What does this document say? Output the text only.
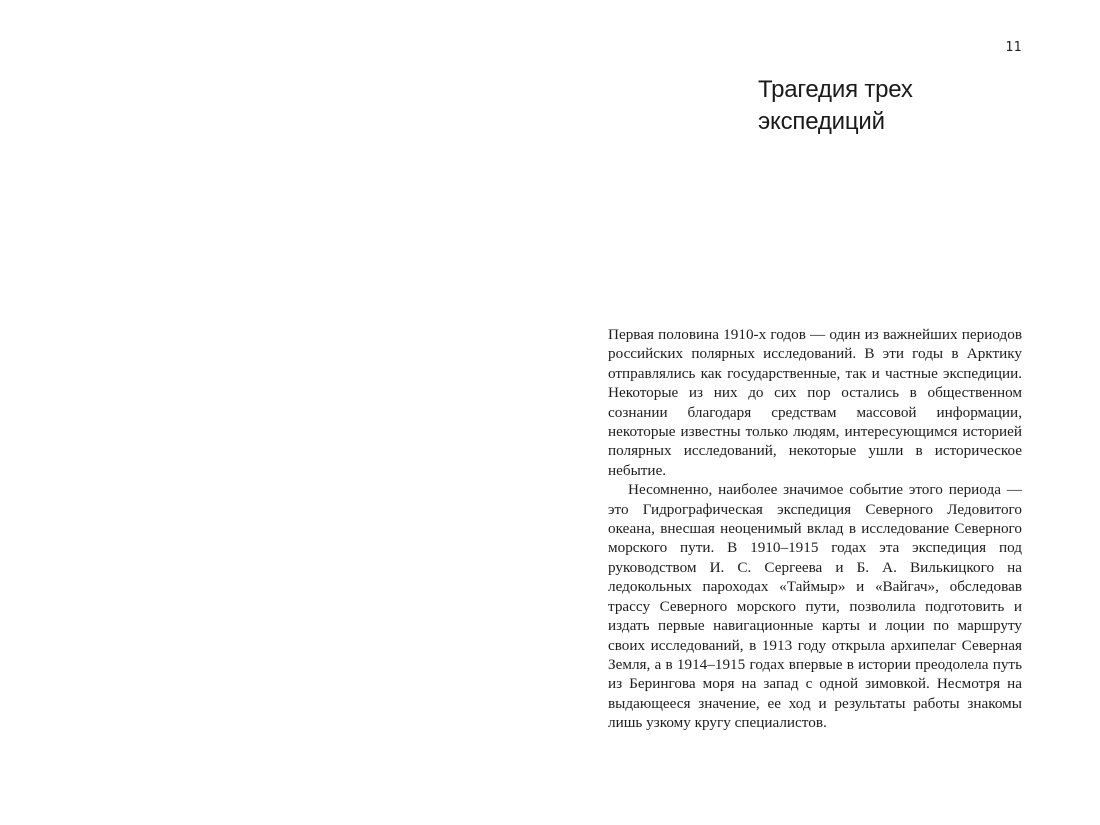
11
Трагедия трех
экспедиций

Первая половина 1910-х годов — один из важнейших периодов российских полярных исследований. В эти годы в Арктику отправлялись как государственные, так и частные экспедиции. Некоторые из них до сих пор остались в общественном сознании благодаря средствам массовой информации, некоторые известны только людям, интересующимся историей полярных исследований, некоторые ушли в историческое небытие.

Несомненно, наиболее значимое событие этого периода — это Гидрографическая экспедиция Северного Ледовитого океана, внесшая неоценимый вклад в исследование Северного морского пути. В 1910–1915 годах эта экспедиция под руководством И. С. Сергеева и Б. А. Вилькицкого на ледокольных пароходах «Таймыр» и «Вайгач», обследовав трассу Северного морского пути, позволила подготовить и издать первые навигационные карты и лоции по маршруту своих исследований, в 1913 году открыла архипелаг Северная Земля, а в 1914–1915 годах впервые в истории преодолела путь из Берингова моря на запад с одной зимовкой. Несмотря на выдающееся значение, ее ход и результаты работы знакомы лишь узкому кругу специалистов.
